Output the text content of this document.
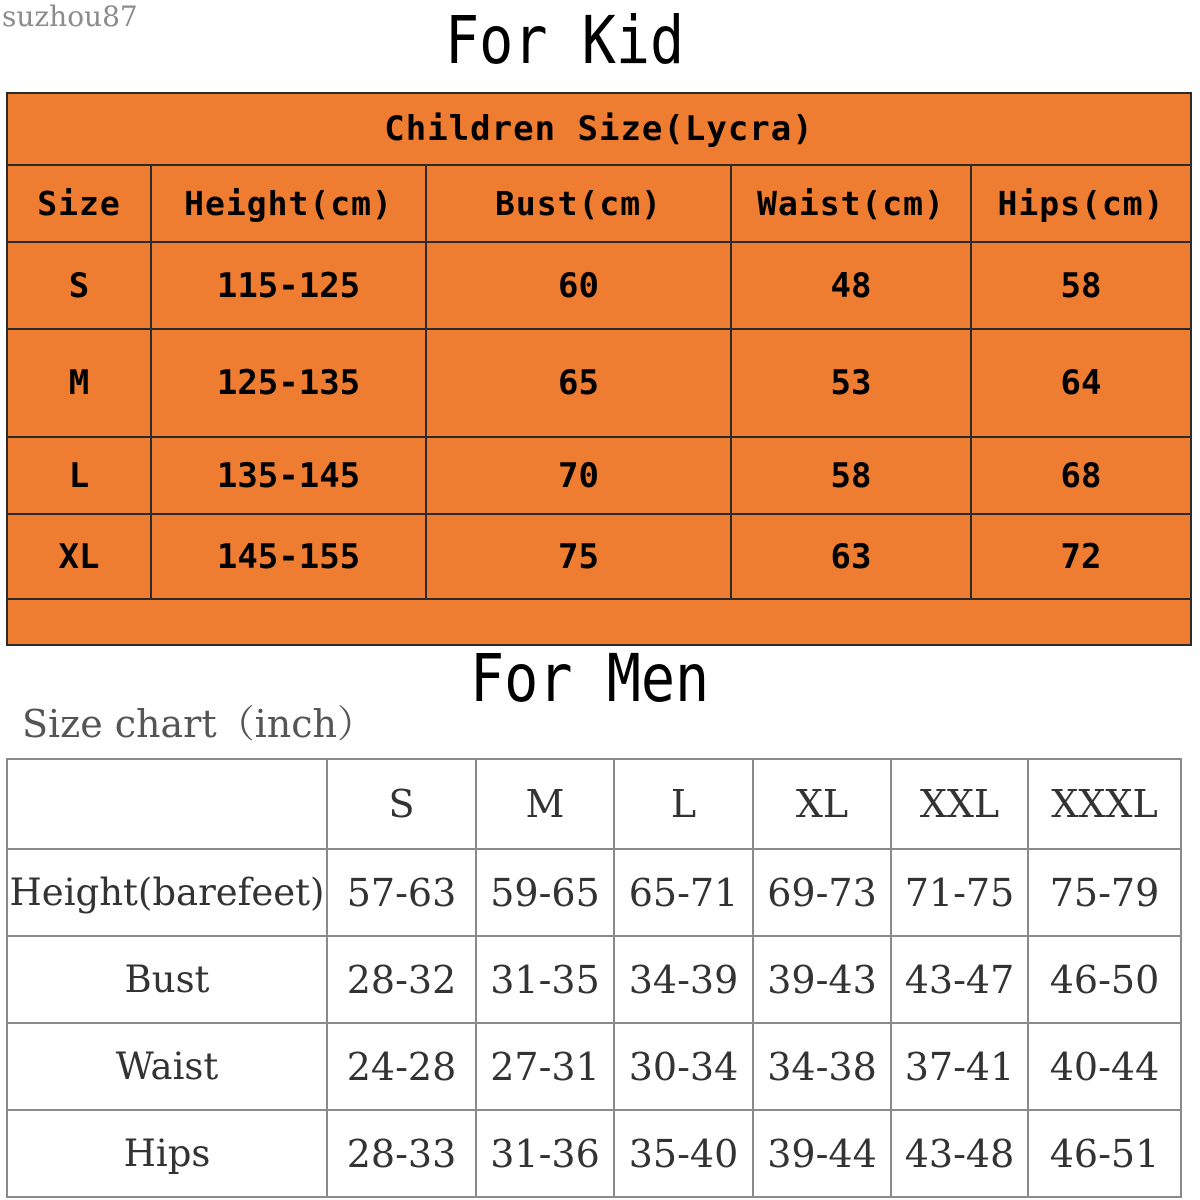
suzhou87	For Kid
Children Size(Lycra)				
Size	Height(cm)	Bust(cm)	Waist(cm)	Hips(cm)
S	115-125	60	48	58
M	125-135	65	53	64
L	135-145	70	58	68
XL	145-155	75	63	72

For Men
Size chart（inch）
	S	M	L	XL	XXL	XXXL
Height(barefeet)	57-63	59-65	65-71	69-73	71-75	75-79
Bust	28-32	31-35	34-39	39-43	43-47	46-50
Waist	24-28	27-31	30-34	34-38	37-41	40-44
Hips	28-33	31-36	35-40	39-44	43-48	46-51
